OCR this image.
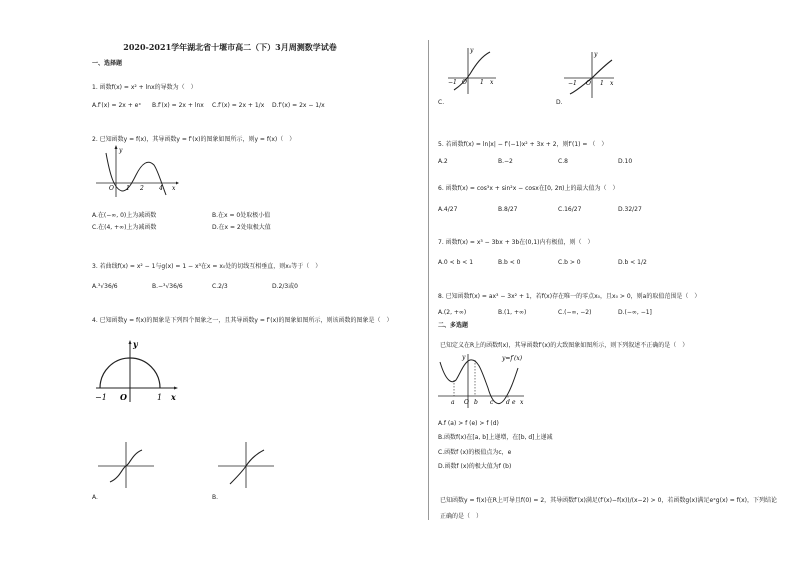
2020-2021学年湖北省十堰市高二（下）3月周测数学试卷
一、选择题
1. 函数f(x) = x² + lnx的导数为（　）
A.f′(x) = 2x + eˣ B.f′(x) = 2x + lnx C.f′(x) = 2x + 1/x D.f′(x) = 2x − 1/x
2. 已知函数y = f(x)，其导函数y = f′(x)的图象如图所示，则y = f(x)（　）
y
O 1 2	4 x
A.在(−∞, 0)上为减函数	B.在x = 0处取极小值
C.在(4, +∞)上为减函数	D.在x = 2处取极大值
3. 若曲线f(x) = x² − 1与g(x) = 1 − x³在x = x₀处的切线互相垂直，则x₀等于（　）
A.³√36/6	B.−³√36/6	C.2/3	D.2/3或0
4. 已知函数y = f(x)的图象是下列四个图象之一，且其导函数y = f′(x)的图象如图所示，则该函数的图象是（　）
y
O
−1	1 x
A.	B.
y
−1 O 1 x
C.
y
−1 O 1 x
D.
5. 若函数f(x) = ln|x| − f′(−1)x² + 3x + 2，则f′(1) = （　）
A.2	B.−2	C.8	D.10
6. 函数f(x) = cos³x + sin²x − cosx在[0, 2π)上的最大值为（　）
A.4/27	B.8/27	C.16/27	D.32/27
7. 函数f(x) = x³ − 3bx + 3b在(0,1)内有极值，则（　）
A.0 < b < 1	B.b < 0	C.b > 0	D.b < 1/2
8. 已知函数f(x) = ax³ − 3x² + 1，若f(x)存在唯一的零点x₀，且x₀ > 0，则a的取值范围是（　）
A.(2, +∞)	B.(1, +∞)	C.(−∞, −2)	D.(−∞, −1]
二、多选题
已知定义在R上的函数f(x)，其导函数f′(x)的大致图象如图所示，则下列叙述不正确的是（　）
y	y=f′(x)
a O b c d e x
A.f (a) > f (e) > f (d)
B.函数f(x)在[a, b]上递增，在[b, d]上递减
C.函数f (x)的极值点为c，e
D.函数f (x)的极大值为f (b)
已知函数y = f(x)在R上可导且f(0) = 2，其导函数f′(x)满足(f′(x)−f(x))/(x−2) > 0，若函数g(x)满足eˣg(x) = f(x)，下列结论
正确的是（　）
